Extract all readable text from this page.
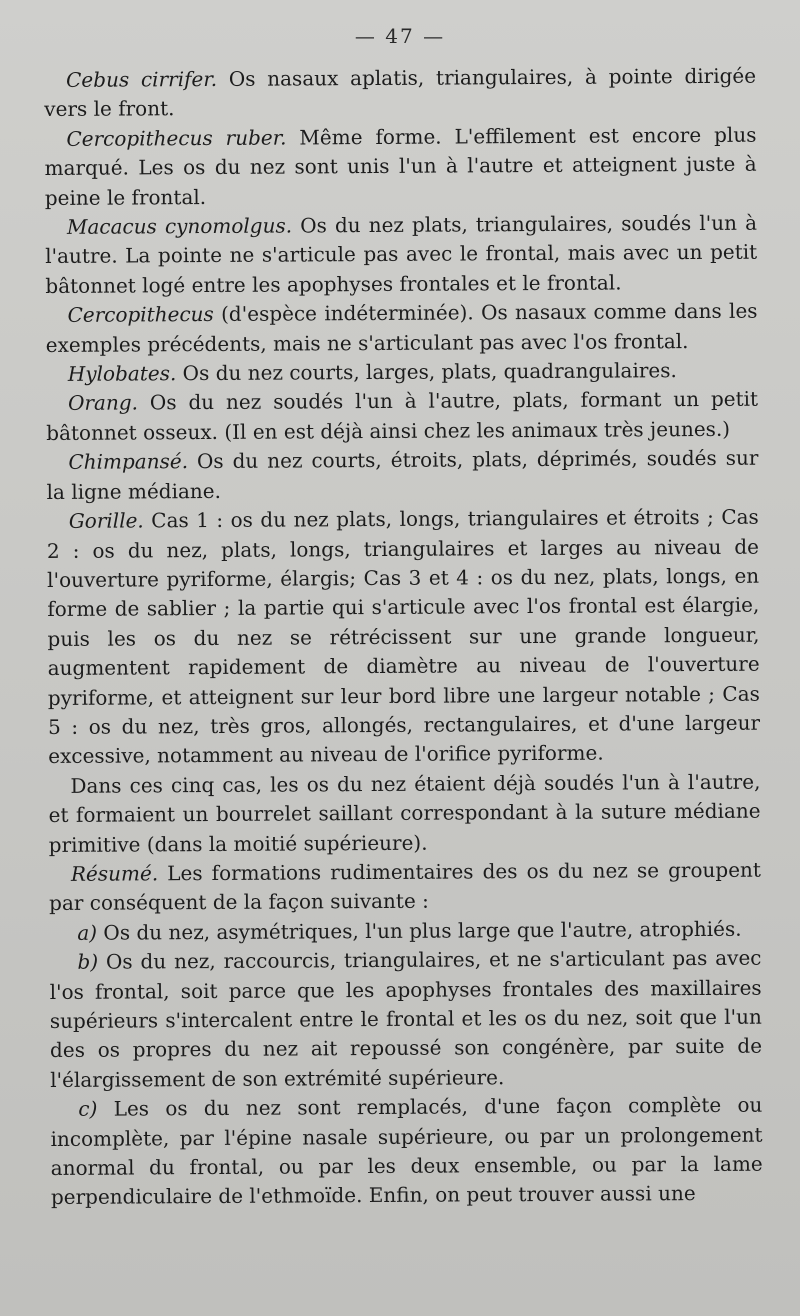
— 47 —

Cebus cirrifer. Os nasaux aplatis, triangulaires, à pointe dirigée vers le front.

Cercopithecus ruber. Même forme. L'effilement est encore plus marqué. Les os du nez sont unis l'un à l'autre et atteignent juste à peine le frontal.

Macacus cynomolgus. Os du nez plats, triangulaires, soudés l'un à l'autre. La pointe ne s'articule pas avec le frontal, mais avec un petit bâtonnet logé entre les apophyses frontales et le frontal.

Cercopithecus (d'espèce indéterminée). Os nasaux comme dans les exemples précédents, mais ne s'articulant pas avec l'os frontal.

Hylobates. Os du nez courts, larges, plats, quadrangulaires.

Orang. Os du nez soudés l'un à l'autre, plats, formant un petit bâtonnet osseux. (Il en est déjà ainsi chez les animaux très jeunes.)

Chimpansé. Os du nez courts, étroits, plats, déprimés, soudés sur la ligne médiane.

Gorille. Cas 1 : os du nez plats, longs, triangulaires et étroits ; Cas 2 : os du nez, plats, longs, triangulaires et larges au niveau de l'ouverture pyriforme, élargis; Cas 3 et 4 : os du nez, plats, longs, en forme de sablier ; la partie qui s'articule avec l'os frontal est élargie, puis les os du nez se rétrécissent sur une grande longueur, augmentent rapidement de diamètre au niveau de l'ouverture pyriforme, et atteignent sur leur bord libre une largeur notable ; Cas 5 : os du nez, très gros, allongés, rectangulaires, et d'une largeur excessive, notamment au niveau de l'orifice pyriforme.

Dans ces cinq cas, les os du nez étaient déjà soudés l'un à l'autre, et formaient un bourrelet saillant correspondant à la suture médiane primitive (dans la moitié supérieure).

Résumé. Les formations rudimentaires des os du nez se groupent par conséquent de la façon suivante :

a) Os du nez, asymétriques, l'un plus large que l'autre, atrophiés.

b) Os du nez, raccourcis, triangulaires, et ne s'articulant pas avec l'os frontal, soit parce que les apophyses frontales des maxillaires supérieurs s'intercalent entre le frontal et les os du nez, soit que l'un des os propres du nez ait repoussé son congénère, par suite de l'élargissement de son extrémité supérieure.

c) Les os du nez sont remplacés, d'une façon complète ou incomplète, par l'épine nasale supérieure, ou par un prolongement anormal du frontal, ou par les deux ensemble, ou par la lame perpendiculaire de l'ethmoïde. Enfin, on peut trouver aussi une
